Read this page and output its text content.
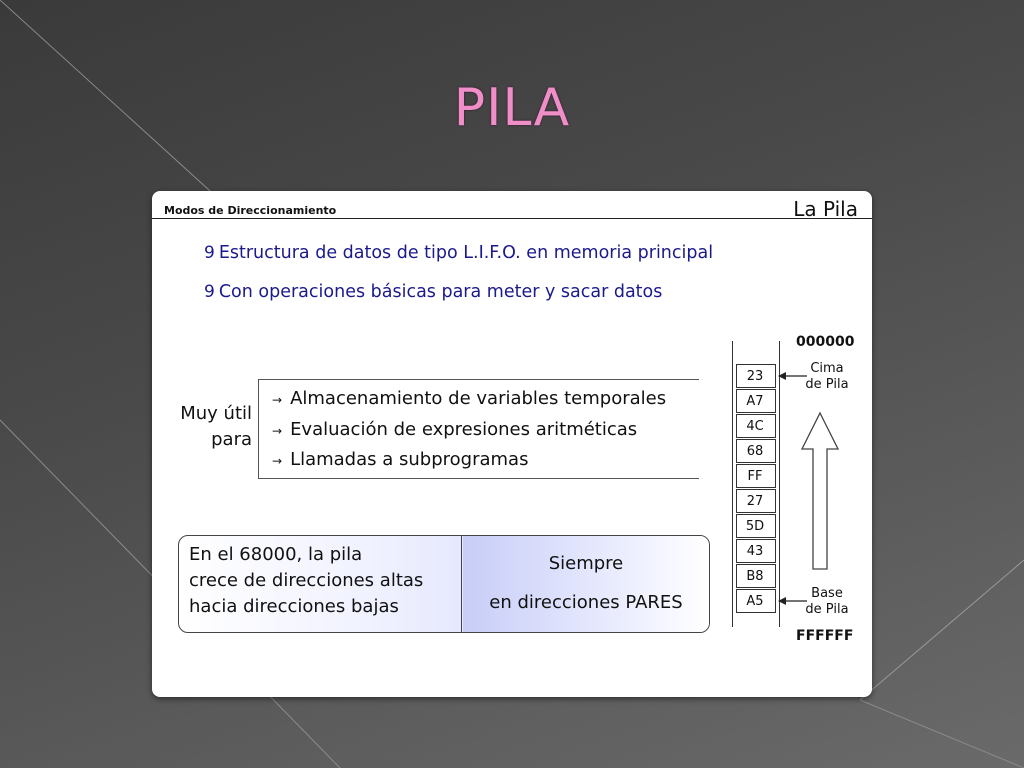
PILA
Modos de Direccionamiento	La Pila
9 Estructura de datos de tipo L.I.F.O. en memoria principal
9 Con operaciones básicas para meter y sacar datos
Muy útil
para
→ Almacenamiento de variables temporales
→ Evaluación de expresiones aritméticas
→ Llamadas a subprogramas
En el 68000, la pila
crece de direcciones altas
hacia direcciones bajas
Siempre
en direcciones PARES
23
A7
4C
68
FF
27
5D
43
B8
A5
000000
FFFFFF
Cima
de Pila
Base
de Pila
